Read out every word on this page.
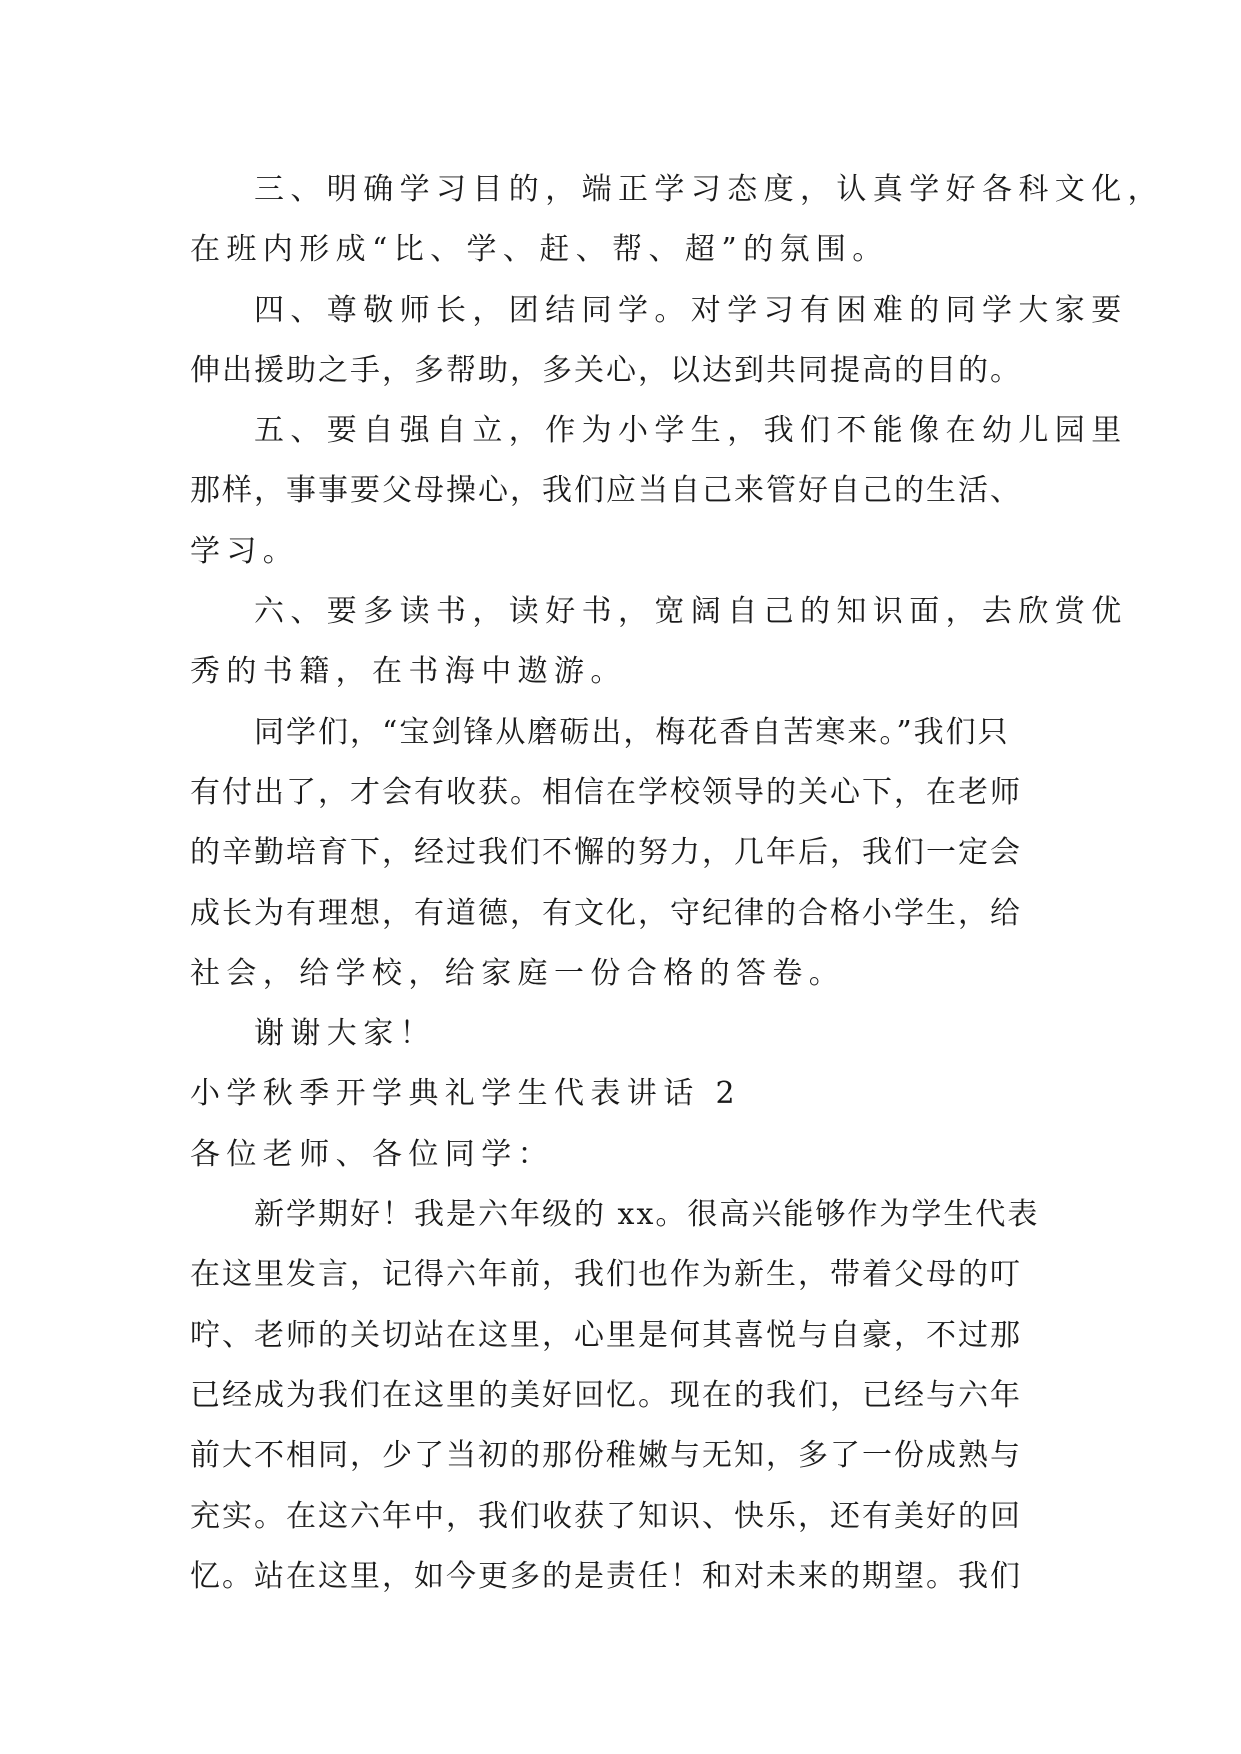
三、明确学习目的，端正学习态度，认真学好各科文化，
在班内形成“比、学、赶、帮、超”的氛围。
四、尊敬师长，团结同学。对学习有困难的同学大家要
伸出援助之手，多帮助，多关心，以达到共同提高的目的。
五、要自强自立，作为小学生，我们不能像在幼儿园里
那样，事事要父母操心，我们应当自己来管好自己的生活、
学习。
六、要多读书，读好书，宽阔自己的知识面，去欣赏优
秀的书籍，在书海中遨游。
同学们，“宝剑锋从磨砺出，梅花香自苦寒来。”我们只
有付出了，才会有收获。相信在学校领导的关心下，在老师
的辛勤培育下，经过我们不懈的努力，几年后，我们一定会
成长为有理想，有道德，有文化，守纪律的合格小学生，给
社会，给学校，给家庭一份合格的答卷。
谢谢大家！
小学秋季开学典礼学生代表讲话 2
各位老师、各位同学：
新学期好！我是六年级的 xx。很高兴能够作为学生代表
在这里发言，记得六年前，我们也作为新生，带着父母的叮
咛、老师的关切站在这里，心里是何其喜悦与自豪，不过那
已经成为我们在这里的美好回忆。现在的我们，已经与六年
前大不相同，少了当初的那份稚嫩与无知，多了一份成熟与
充实。在这六年中，我们收获了知识、快乐，还有美好的回
忆。站在这里，如今更多的是责任！和对未来的期望。我们
